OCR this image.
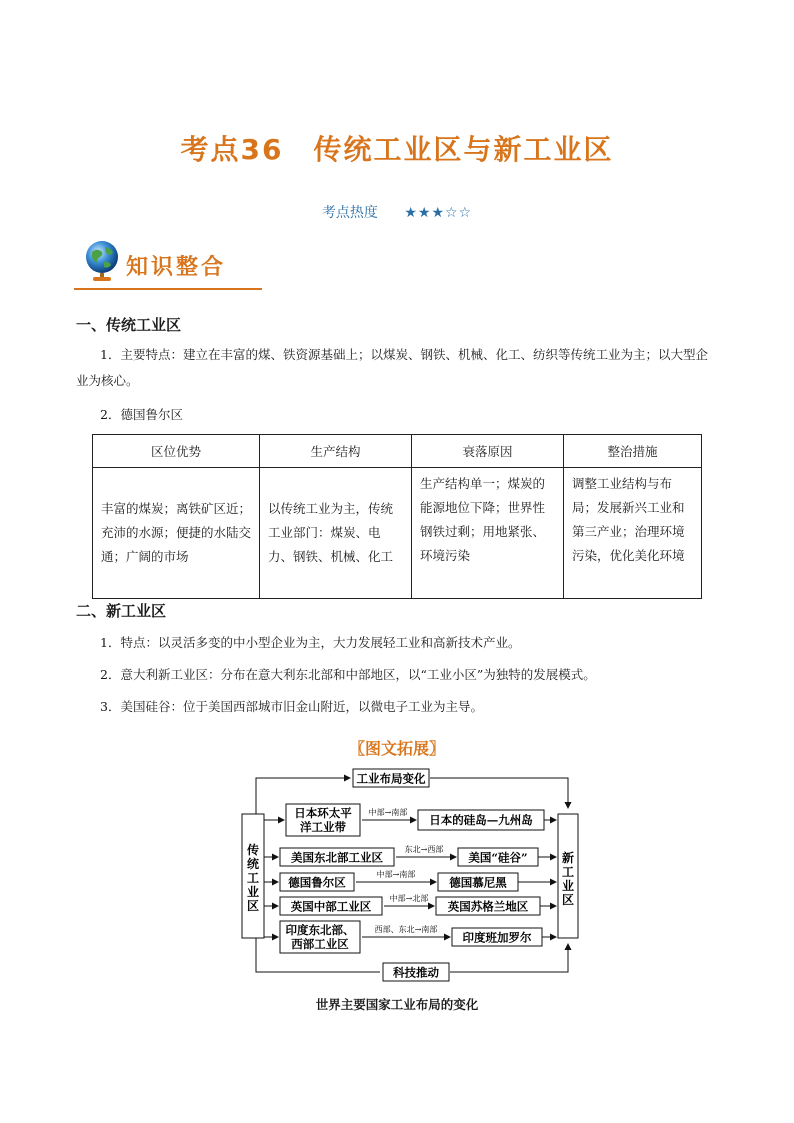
考点36　传统工业区与新工业区
考点热度 ★★★☆☆
知识整合
一、传统工业区
1．主要特点：建立在丰富的煤、铁资源基础上；以煤炭、钢铁、机械、化工、纺织等传统工业为主；以大型企业为核心。
2．德国鲁尔区
区位优势	生产结构	衰落原因	整治措施
丰富的煤炭；离铁矿区近；充沛的水源；便捷的水陆交通；广阔的市场	以传统工业为主，传统工业部门：煤炭、电力、钢铁、机械、化工	生产结构单一；煤炭的能源地位下降；世界性钢铁过剩；用地紧张、环境污染	调整工业结构与布局；发展新兴工业和第三产业；治理环境污染，优化美化环境
二、新工业区
1．特点：以灵活多变的中小型企业为主，大力发展轻工业和高新技术产业。
2．意大利新工业区：分布在意大利东北部和中部地区，以“工业小区”为独特的发展模式。
3．美国硅谷：位于美国西部城市旧金山附近，以微电子工业为主导。
〖图文拓展〗
工业布局变化
科技推动
传
统
工
业
区
新
工
业
区
日本环太平
洋工业带
中部→南部
日本的硅岛—九州岛
美国东北部工业区
东北→西部
美国“硅谷”
德国鲁尔区
中部→南部
德国慕尼黑
英国中部工业区
中部→北部
英国苏格兰地区
印度东北部、
西部工业区
西部、东北→南部
印度班加罗尔
世界主要国家工业布局的变化
